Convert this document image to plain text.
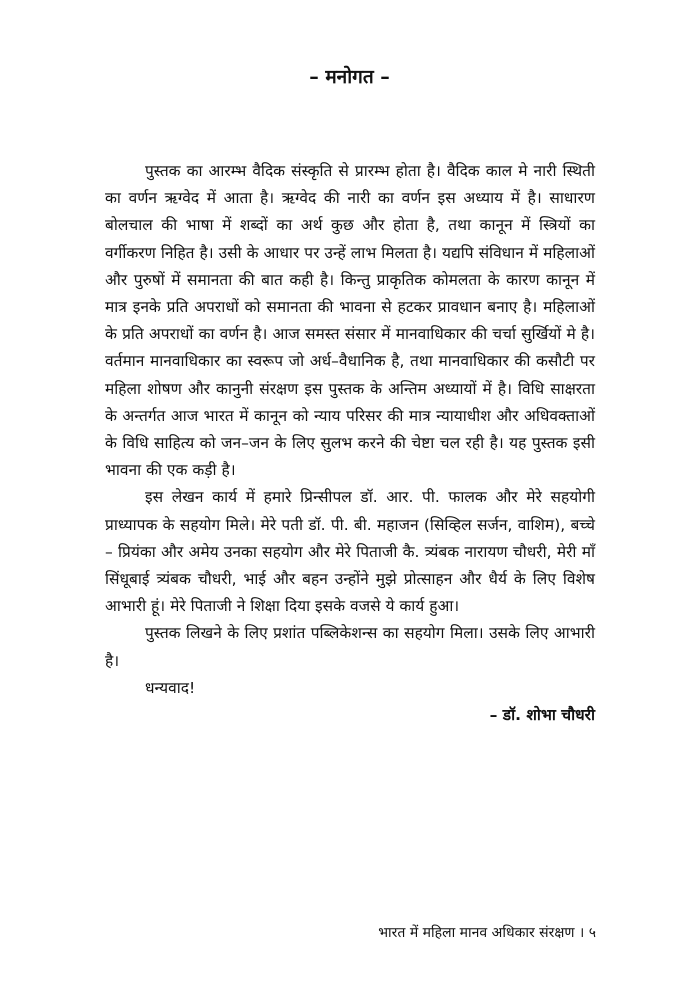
– मनोगत –

पुस्तक का आरम्भ वैदिक संस्कृति से प्रारम्भ होता है। वैदिक काल मे नारी स्थिती का वर्णन ऋग्वेद में आता है। ऋग्वेद की नारी का वर्णन इस अध्याय में है। साधारण बोलचाल की भाषा में शब्दों का अर्थ कुछ और होता है, तथा कानून में स्त्रियों का वर्गीकरण निहित है। उसी के आधार पर उन्हें लाभ मिलता है। यद्यपि संविधान में महिलाओं और पुरुषों में समानता की बात कही है। किन्तु प्राकृतिक कोमलता के कारण कानून में मात्र इनके प्रति अपराधों को समानता की भावना से हटकर प्रावधान बनाए है। महिलाओं के प्रति अपराधों का वर्णन है। आज समस्त संसार में मानवाधिकार की चर्चा सुर्खियों मे है। वर्तमान मानवाधिकार का स्वरूप जो अर्ध–वैधानिक है, तथा मानवाधिकार की कसौटी पर महिला शोषण और कानुनी संरक्षण इस पुस्तक के अन्तिम अध्यायों में है। विधि साक्षरता के अन्तर्गत आज भारत में कानून को न्याय परिसर की मात्र न्यायाधीश और अधिवक्ताओं के विधि साहित्य को जन–जन के लिए सुलभ करने की चेष्टा चल रही है। यह पुस्तक इसी भावना की एक कड़ी है।

इस लेखन कार्य में हमारे प्रिन्सीपल डॉ. आर. पी. फालक और मेरे सहयोगी प्राध्यापक के सहयोग मिले। मेरे पती डॉ. पी. बी. महाजन (सिव्हिल सर्जन, वाशिम), बच्चे – प्रियंका और अमेय उनका सहयोग और मेरे पिताजी कै. त्र्यंबक नारायण चौधरी, मेरी माँ सिंधूबाई त्र्यंबक चौधरी, भाई और बहन उन्होंने मुझे प्रोत्साहन और धैर्य के लिए विशेष आभारी हूं। मेरे पिताजी ने शिक्षा दिया इसके वजसे ये कार्य हुआ।

पुस्तक लिखने के लिए प्रशांत पब्लिकेशन्स का सहयोग मिला। उसके लिए आभारी है।

धन्यवाद!

– डॉ. शोभा चौधरी

भारत में महिला मानव अधिकार संरक्षण । ५
